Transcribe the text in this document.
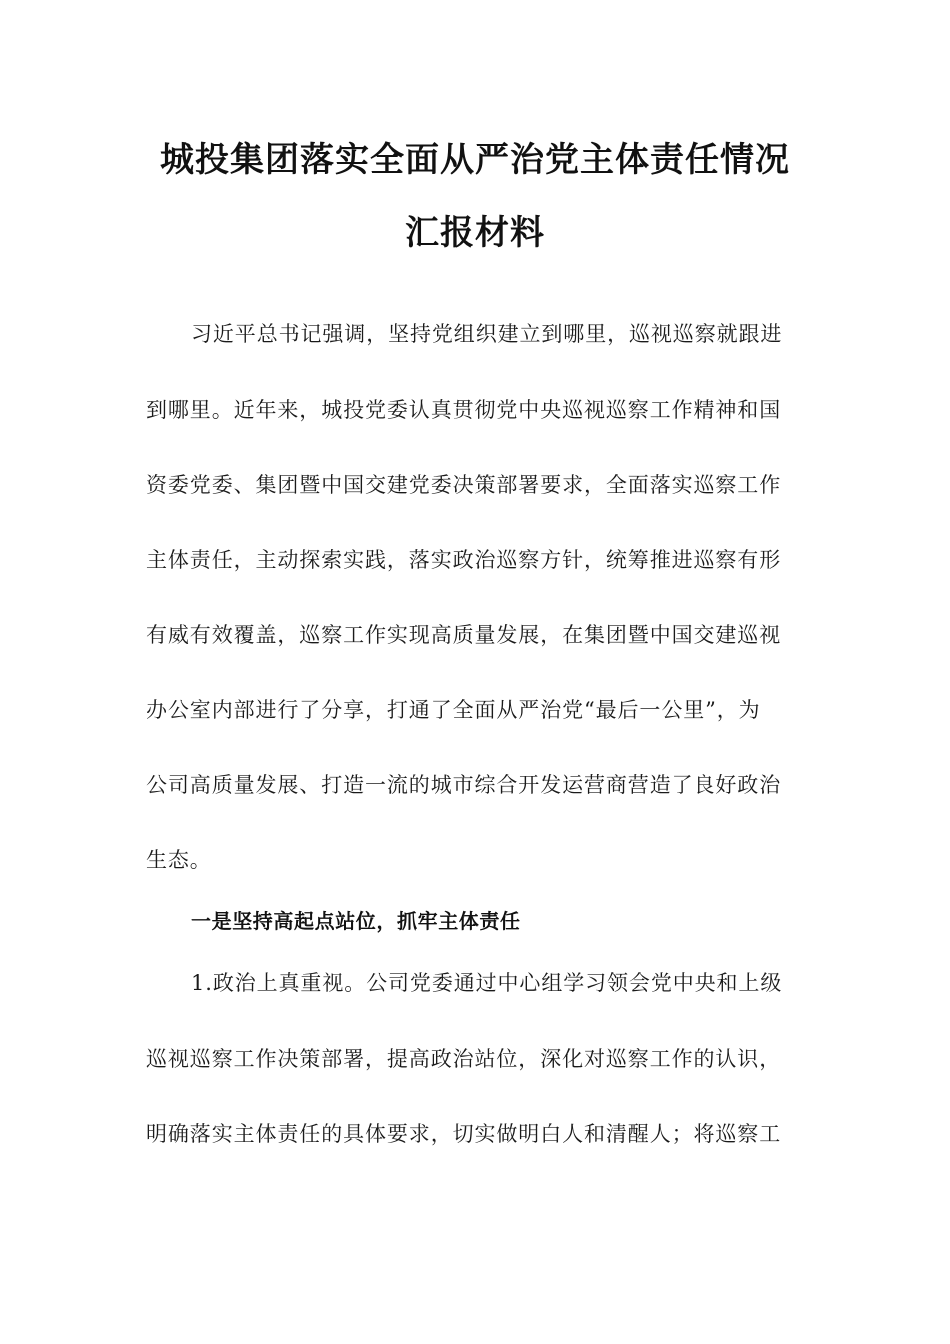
城投集团落实全面从严治党主体责任情况
汇报材料
习近平总书记强调，坚持党组织建立到哪里，巡视巡察就跟进
到哪里。近年来，城投党委认真贯彻党中央巡视巡察工作精神和国
资委党委、集团暨中国交建党委决策部署要求，全面落实巡察工作
主体责任，主动探索实践，落实政治巡察方针，统筹推进巡察有形
有威有效覆盖，巡察工作实现高质量发展，在集团暨中国交建巡视
办公室内部进行了分享，打通了全面从严治党“最后一公里”，为
公司高质量发展、打造一流的城市综合开发运营商营造了良好政治
生态。
一是坚持高起点站位，抓牢主体责任
1.政治上真重视。公司党委通过中心组学习领会党中央和上级
巡视巡察工作决策部署，提高政治站位，深化对巡察工作的认识，
明确落实主体责任的具体要求，切实做明白人和清醒人；将巡察工
